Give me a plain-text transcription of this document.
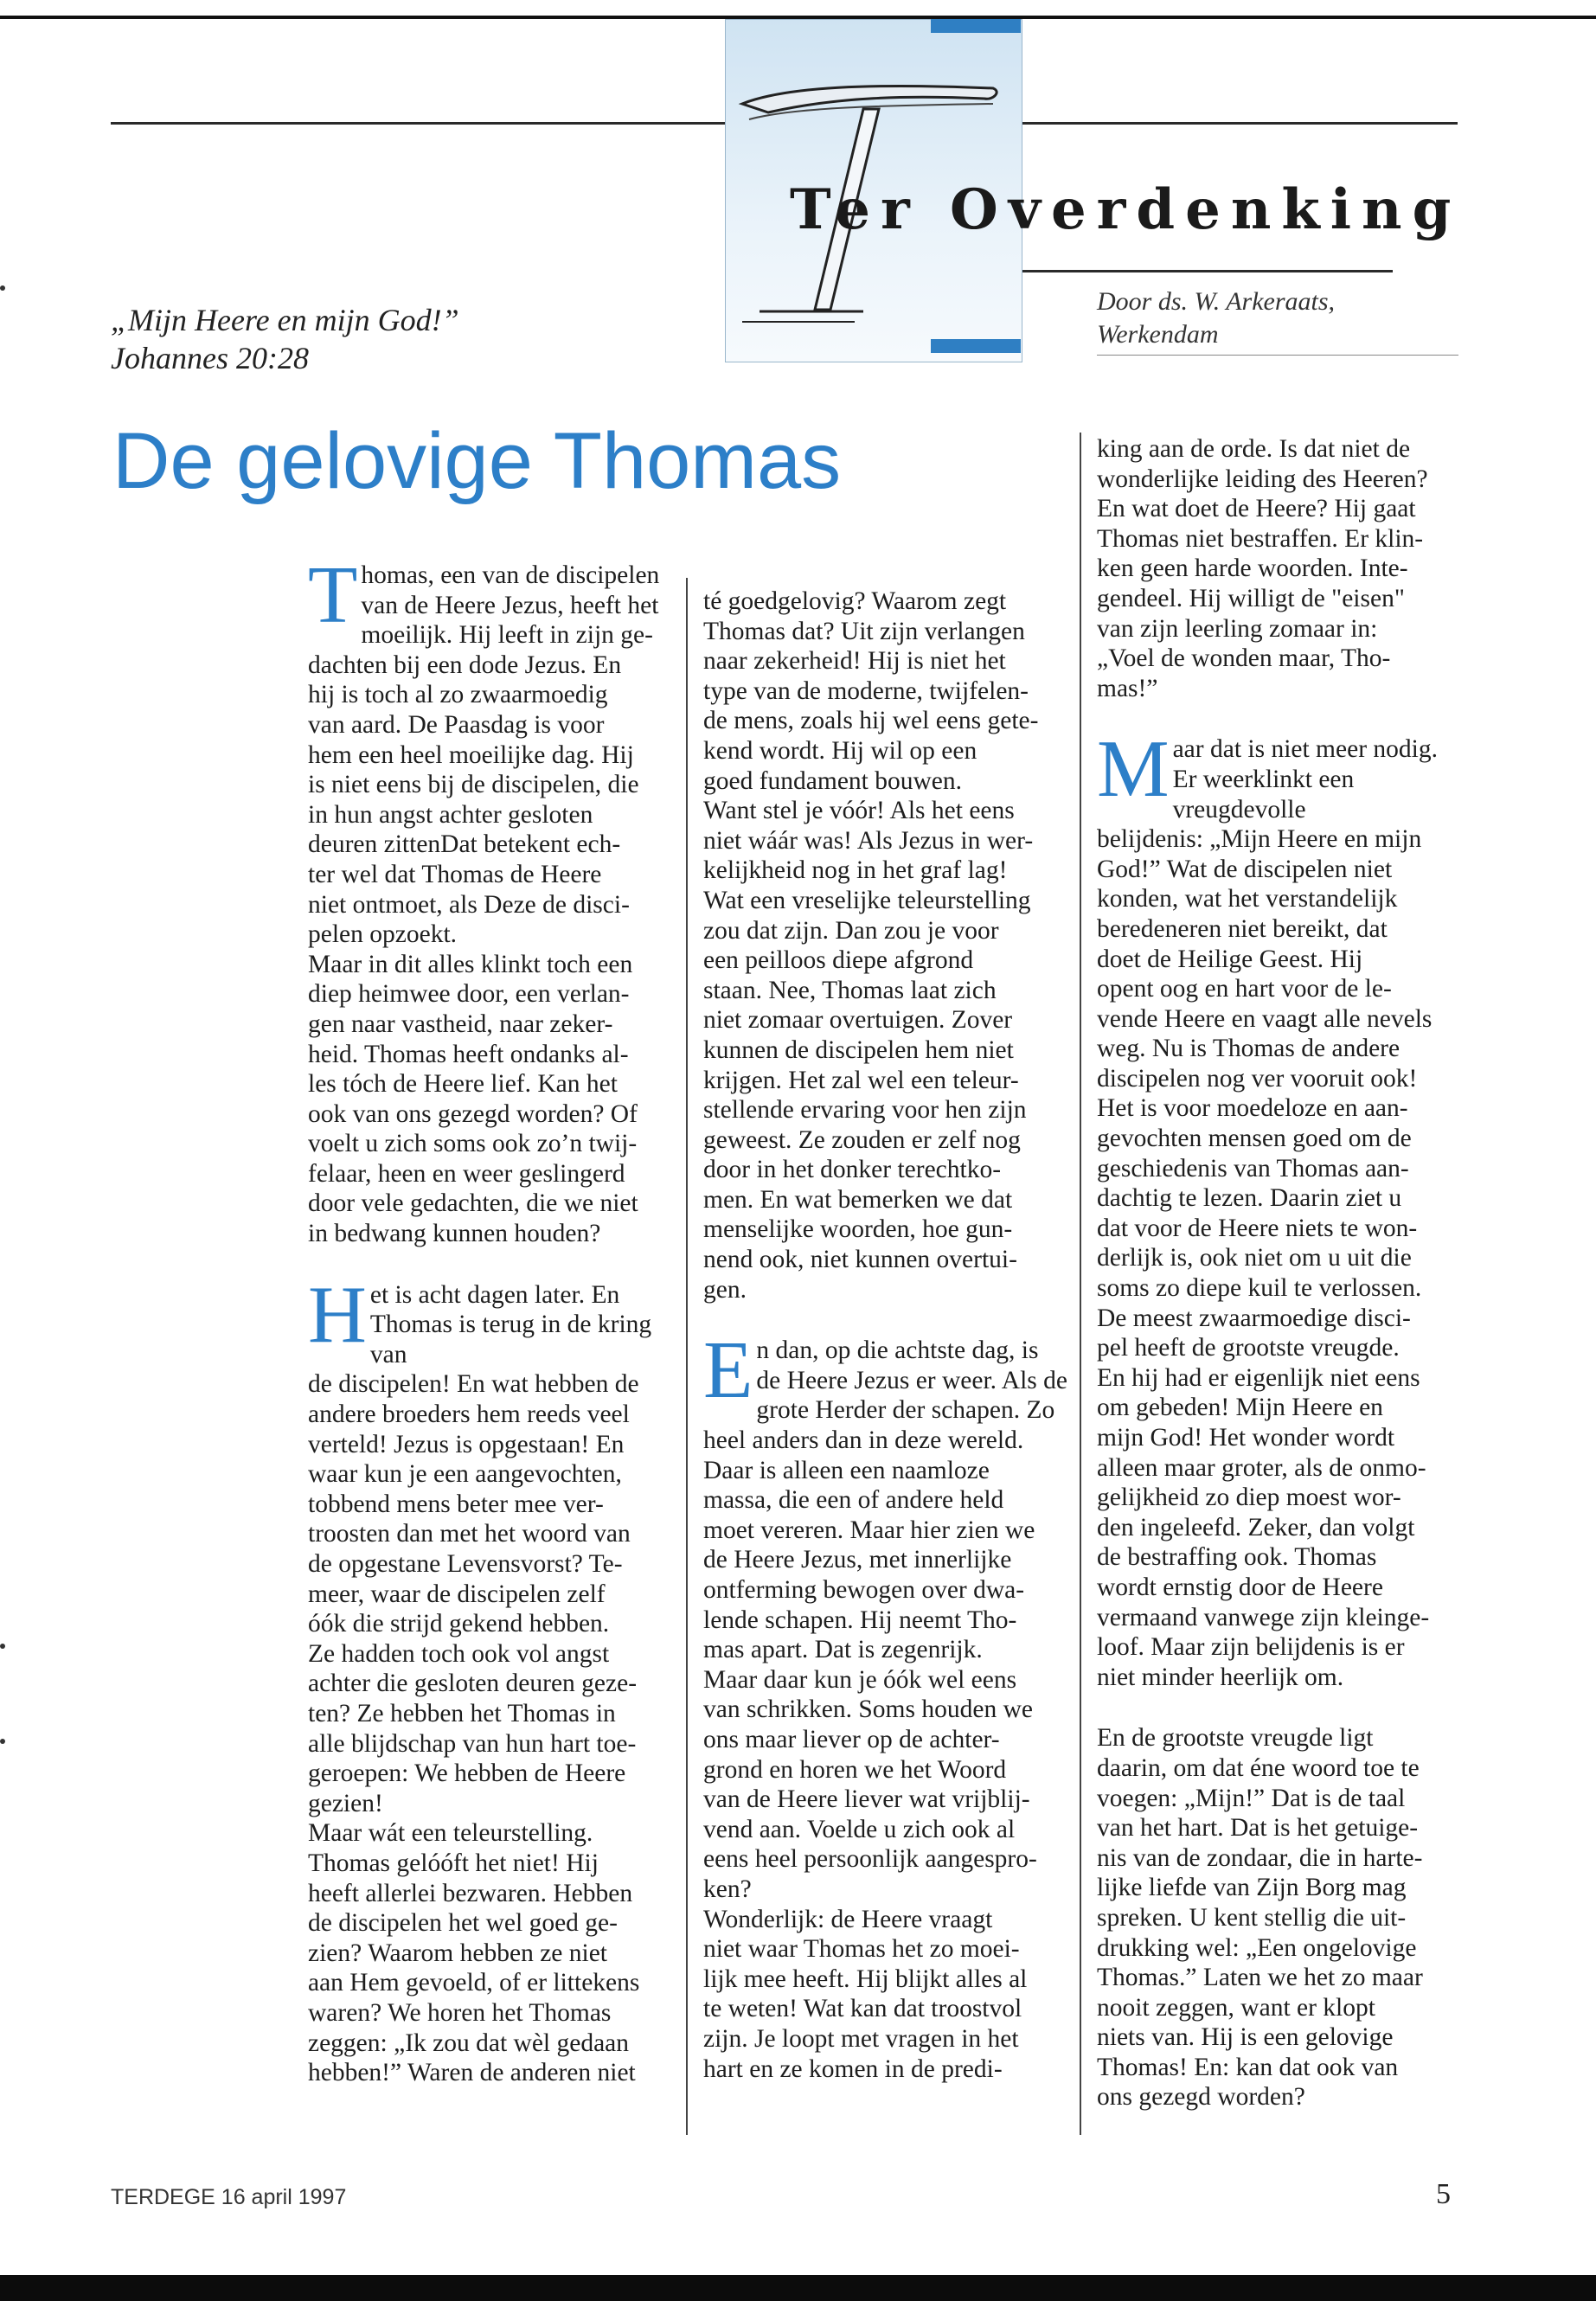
Ter Overdenking
„Mijn Heere en mijn God!”
Johannes 20:28
Door ds. W. Arkeraats,
Werkendam
De gelovige Thomas

Thomas, een van de discipelen
van de Heere Jezus, heeft het
moeilijk. Hij leeft in zijn ge-
dachten bij een dode Jezus. En
hij is toch al zo zwaarmoedig
van aard. De Paasdag is voor
hem een heel moeilijke dag. Hij
is niet eens bij de discipelen, die
in hun angst achter gesloten
deuren zittenDat betekent ech-
ter wel dat Thomas de Heere
niet ontmoet, als Deze de disci-
pelen opzoekt.
Maar in dit alles klinkt toch een
diep heimwee door, een verlan-
gen naar vastheid, naar zeker-
heid. Thomas heeft ondanks al-
les tóch de Heere lief. Kan het
ook van ons gezegd worden? Of
voelt u zich soms ook zo’n twij-
felaar, heen en weer geslingerd
door vele gedachten, die we niet
in bedwang kunnen houden?

Het is acht dagen later. En
Thomas is terug in de kring van
de discipelen! En wat hebben de
andere broeders hem reeds veel
verteld! Jezus is opgestaan! En
waar kun je een aangevochten,
tobbend mens beter mee ver-
troosten dan met het woord van
de opgestane Levensvorst? Te-
meer, waar de discipelen zelf
óók die strijd gekend hebben.
Ze hadden toch ook vol angst
achter die gesloten deuren geze-
ten? Ze hebben het Thomas in
alle blijdschap van hun hart toe-
geroepen: We hebben de Heere
gezien!
Maar wát een teleurstelling.
Thomas gelóóft het niet! Hij
heeft allerlei bezwaren. Hebben
de discipelen het wel goed ge-
zien? Waarom hebben ze niet
aan Hem gevoeld, of er littekens
waren? We horen het Thomas
zeggen: „Ik zou dat wèl gedaan
hebben!” Waren de anderen niet

té goedgelovig? Waarom zegt
Thomas dat? Uit zijn verlangen
naar zekerheid! Hij is niet het
type van de moderne, twijfelen-
de mens, zoals hij wel eens gete-
kend wordt. Hij wil op een
goed fundament bouwen.
Want stel je vóór! Als het eens
niet wáár was! Als Jezus in wer-
kelijkheid nog in het graf lag!
Wat een vreselijke teleurstelling
zou dat zijn. Dan zou je voor
een peilloos diepe afgrond
staan. Nee, Thomas laat zich
niet zomaar overtuigen. Zover
kunnen de discipelen hem niet
krijgen. Het zal wel een teleur-
stellende ervaring voor hen zijn
geweest. Ze zouden er zelf nog
door in het donker terechtko-
men. En wat bemerken we dat
menselijke woorden, hoe gun-
nend ook, niet kunnen overtui-
gen.

En dan, op die achtste dag, is
de Heere Jezus er weer. Als de
grote Herder der schapen. Zo
heel anders dan in deze wereld.
Daar is alleen een naamloze
massa, die een of andere held
moet vereren. Maar hier zien we
de Heere Jezus, met innerlijke
ontferming bewogen over dwa-
lende schapen. Hij neemt Tho-
mas apart. Dat is zegenrijk.
Maar daar kun je óók wel eens
van schrikken. Soms houden we
ons maar liever op de achter-
grond en horen we het Woord
van de Heere liever wat vrijblij-
vend aan. Voelde u zich ook al
eens heel persoonlijk aangespro-
ken?
Wonderlijk: de Heere vraagt
niet waar Thomas het zo moei-
lijk mee heeft. Hij blijkt alles al
te weten! Wat kan dat troostvol
zijn. Je loopt met vragen in het
hart en ze komen in de predi-

king aan de orde. Is dat niet de
wonderlijke leiding des Heeren?
En wat doet de Heere? Hij gaat
Thomas niet bestraffen. Er klin-
ken geen harde woorden. Inte-
gendeel. Hij willigt de "eisen"
van zijn leerling zomaar in:
„Voel de wonden maar, Tho-
mas!”

Maar dat is niet meer nodig.
Er weerklinkt een vreugdevolle
belijdenis: „Mijn Heere en mijn
God!” Wat de discipelen niet
konden, wat het verstandelijk
beredeneren niet bereikt, dat
doet de Heilige Geest. Hij
opent oog en hart voor de le-
vende Heere en vaagt alle nevels
weg. Nu is Thomas de andere
discipelen nog ver vooruit ook!
Het is voor moedeloze en aan-
gevochten mensen goed om de
geschiedenis van Thomas aan-
dachtig te lezen. Daarin ziet u
dat voor de Heere niets te won-
derlijk is, ook niet om u uit die
soms zo diepe kuil te verlossen.
De meest zwaarmoedige disci-
pel heeft de grootste vreugde.
En hij had er eigenlijk niet eens
om gebeden! Mijn Heere en
mijn God! Het wonder wordt
alleen maar groter, als de onmo-
gelijkheid zo diep moest wor-
den ingeleefd. Zeker, dan volgt
de bestraffing ook. Thomas
wordt ernstig door de Heere
vermaand vanwege zijn kleinge-
loof. Maar zijn belijdenis is er
niet minder heerlijk om.

En de grootste vreugde ligt
daarin, om dat éne woord toe te
voegen: „Mijn!” Dat is de taal
van het hart. Dat is het getuige-
nis van de zondaar, die in harte-
lijke liefde van Zijn Borg mag
spreken. U kent stellig die uit-
drukking wel: „Een ongelovige
Thomas.” Laten we het zo maar
nooit zeggen, want er klopt
niets van. Hij is een gelovige
Thomas! En: kan dat ook van
ons gezegd worden?

TERDEGE 16 april 1997	5
